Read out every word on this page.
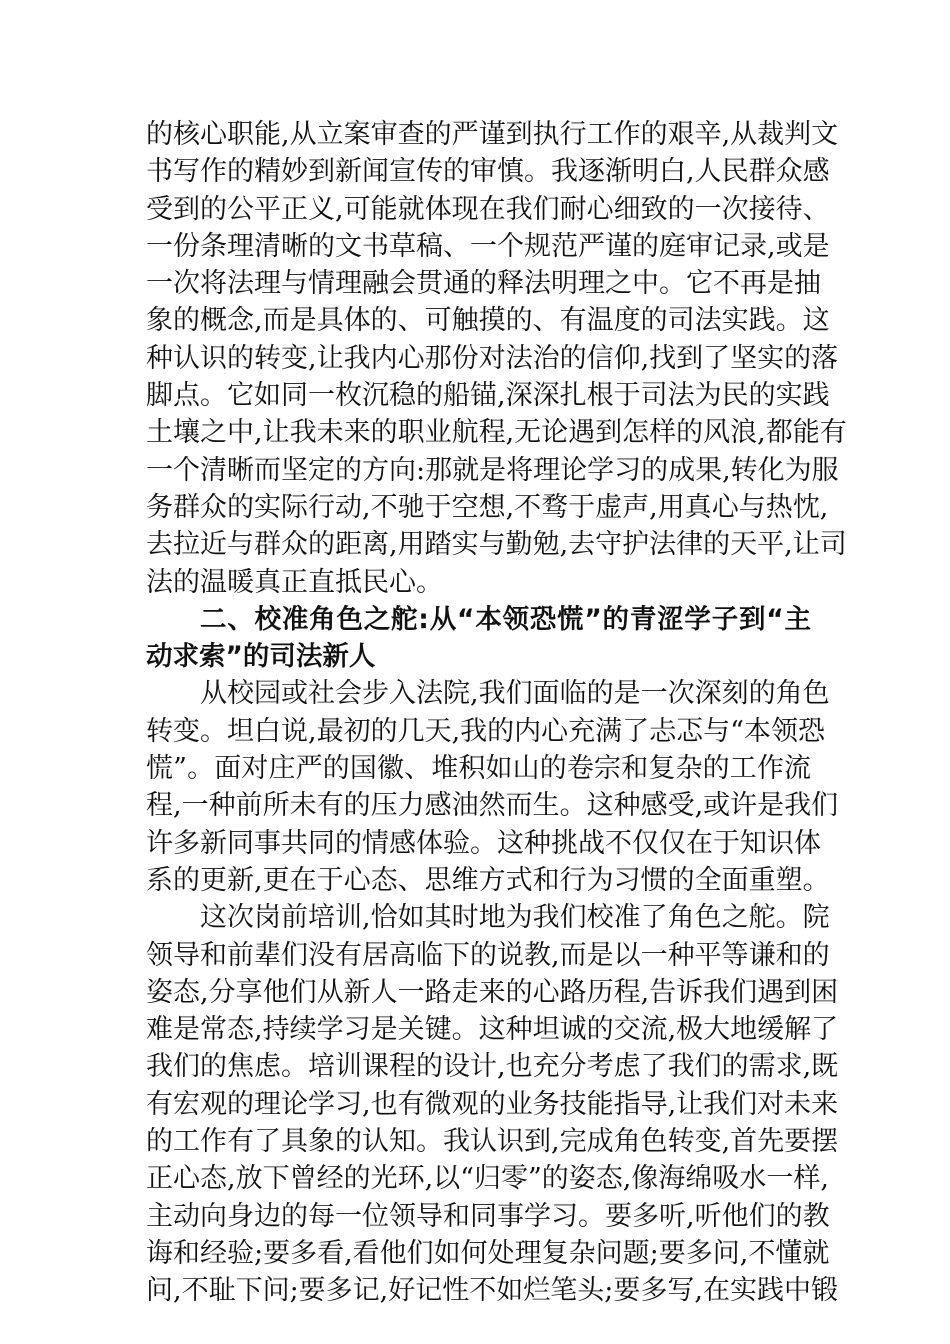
的核心职能,从立案审查的严谨到执行工作的艰辛,从裁判文
书写作的精妙到新闻宣传的审慎。我逐渐明白,人民群众感
受到的公平正义,可能就体现在我们耐心细致的一次接待、
一份条理清晰的文书草稿、一个规范严谨的庭审记录,或是
一次将法理与情理融会贯通的释法明理之中。它不再是抽
象的概念,而是具体的、可触摸的、有温度的司法实践。这
种认识的转变,让我内心那份对法治的信仰,找到了坚实的落
脚点。它如同一枚沉稳的船锚,深深扎根于司法为民的实践
土壤之中,让我未来的职业航程,无论遇到怎样的风浪,都能有
一个清晰而坚定的方向:那就是将理论学习的成果,转化为服
务群众的实际行动,不驰于空想,不骛于虚声,用真心与热忱,
去拉近与群众的距离,用踏实与勤勉,去守护法律的天平,让司
法的温暖真正直抵民心。
二、校准角色之舵:从“本领恐慌”的青涩学子到“主
动求索”的司法新人
从校园或社会步入法院,我们面临的是一次深刻的角色
转变。坦白说,最初的几天,我的内心充满了忐忑与“本领恐
慌”。面对庄严的国徽、堆积如山的卷宗和复杂的工作流
程,一种前所未有的压力感油然而生。这种感受,或许是我们
许多新同事共同的情感体验。这种挑战不仅仅在于知识体
系的更新,更在于心态、思维方式和行为习惯的全面重塑。
这次岗前培训,恰如其时地为我们校准了角色之舵。院
领导和前辈们没有居高临下的说教,而是以一种平等谦和的
姿态,分享他们从新人一路走来的心路历程,告诉我们遇到困
难是常态,持续学习是关键。这种坦诚的交流,极大地缓解了
我们的焦虑。培训课程的设计,也充分考虑了我们的需求,既
有宏观的理论学习,也有微观的业务技能指导,让我们对未来
的工作有了具象的认知。我认识到,完成角色转变,首先要摆
正心态,放下曾经的光环,以“归零”的姿态,像海绵吸水一样,
主动向身边的每一位领导和同事学习。要多听,听他们的教
诲和经验;要多看,看他们如何处理复杂问题;要多问,不懂就
问,不耻下问;要多记,好记性不如烂笔头;要多写,在实践中锻
